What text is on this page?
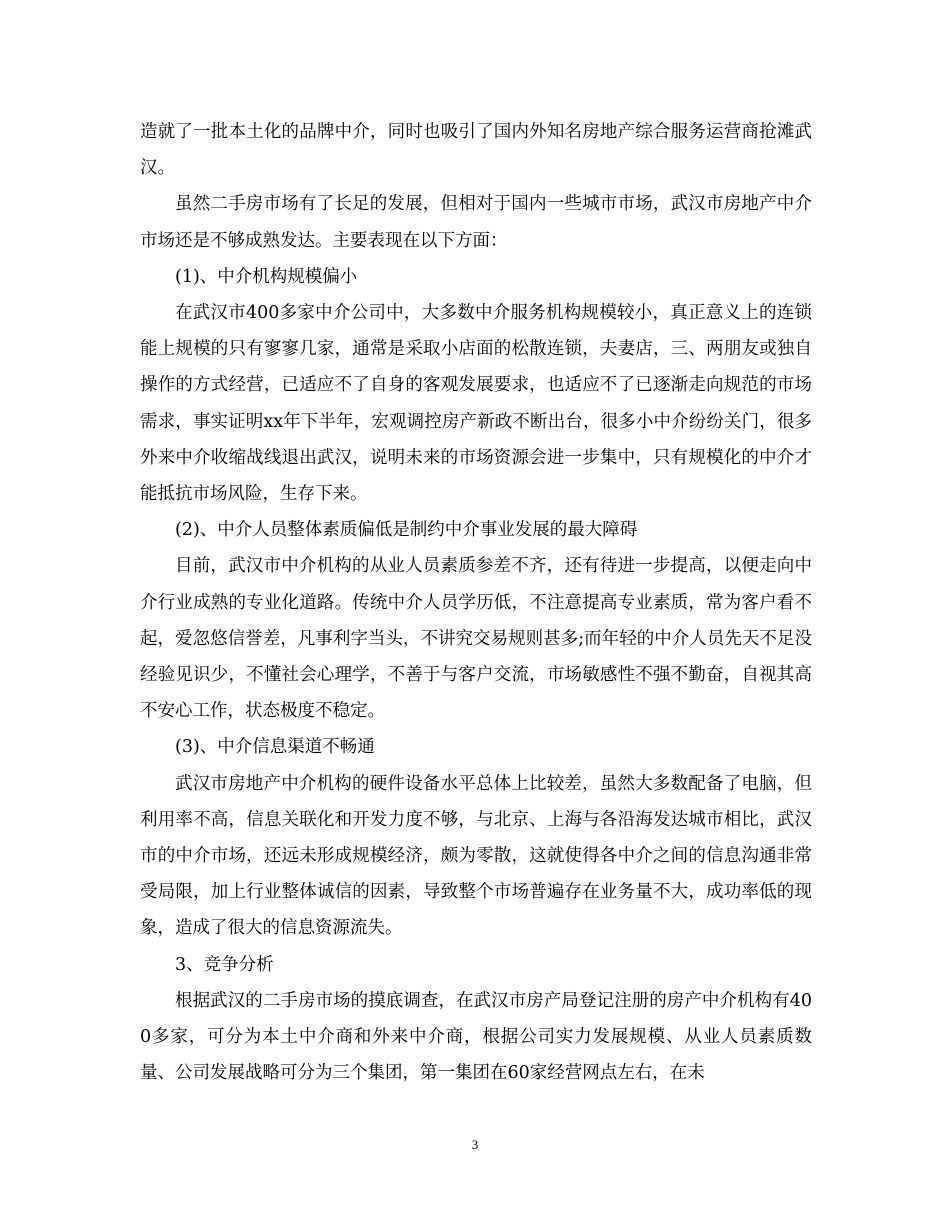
造就了一批本土化的品牌中介，同时也吸引了国内外知名房地产综合服务运营商抢滩武汉。

虽然二手房市场有了长足的发展，但相对于国内一些城市市场，武汉市房地产中介市场还是不够成熟发达。主要表现在以下方面：

(1)、中介机构规模偏小

在武汉市400多家中介公司中，大多数中介服务机构规模较小，真正意义上的连锁能上规模的只有寥寥几家，通常是采取小店面的松散连锁，夫妻店，三、两朋友或独自操作的方式经营，已适应不了自身的客观发展要求，也适应不了已逐渐走向规范的市场需求，事实证明xx年下半年，宏观调控房产新政不断出台，很多小中介纷纷关门，很多外来中介收缩战线退出武汉，说明未来的市场资源会进一步集中，只有规模化的中介才能抵抗市场风险，生存下来。

(2)、中介人员整体素质偏低是制约中介事业发展的最大障碍

目前，武汉市中介机构的从业人员素质参差不齐，还有待进一步提高，以便走向中介行业成熟的专业化道路。传统中介人员学历低，不注意提高专业素质，常为客户看不起，爱忽悠信誉差，凡事利字当头，不讲究交易规则甚多;而年轻的中介人员先天不足没经验见识少，不懂社会心理学，不善于与客户交流，市场敏感性不强不勤奋，自视其高不安心工作，状态极度不稳定。

(3)、中介信息渠道不畅通

武汉市房地产中介机构的硬件设备水平总体上比较差，虽然大多数配备了电脑，但利用率不高，信息关联化和开发力度不够，与北京、上海与各沿海发达城市相比，武汉市的中介市场，还远未形成规模经济，颇为零散，这就使得各中介之间的信息沟通非常受局限，加上行业整体诚信的因素，导致整个市场普遍存在业务量不大，成功率低的现象，造成了很大的信息资源流失。

3、竞争分析

根据武汉的二手房市场的摸底调查，在武汉市房产局登记注册的房产中介机构有400多家，可分为本土中介商和外来中介商，根据公司实力发展规模、从业人员素质数量、公司发展战略可分为三个集团，第一集团在60家经营网点左右，在未

3
